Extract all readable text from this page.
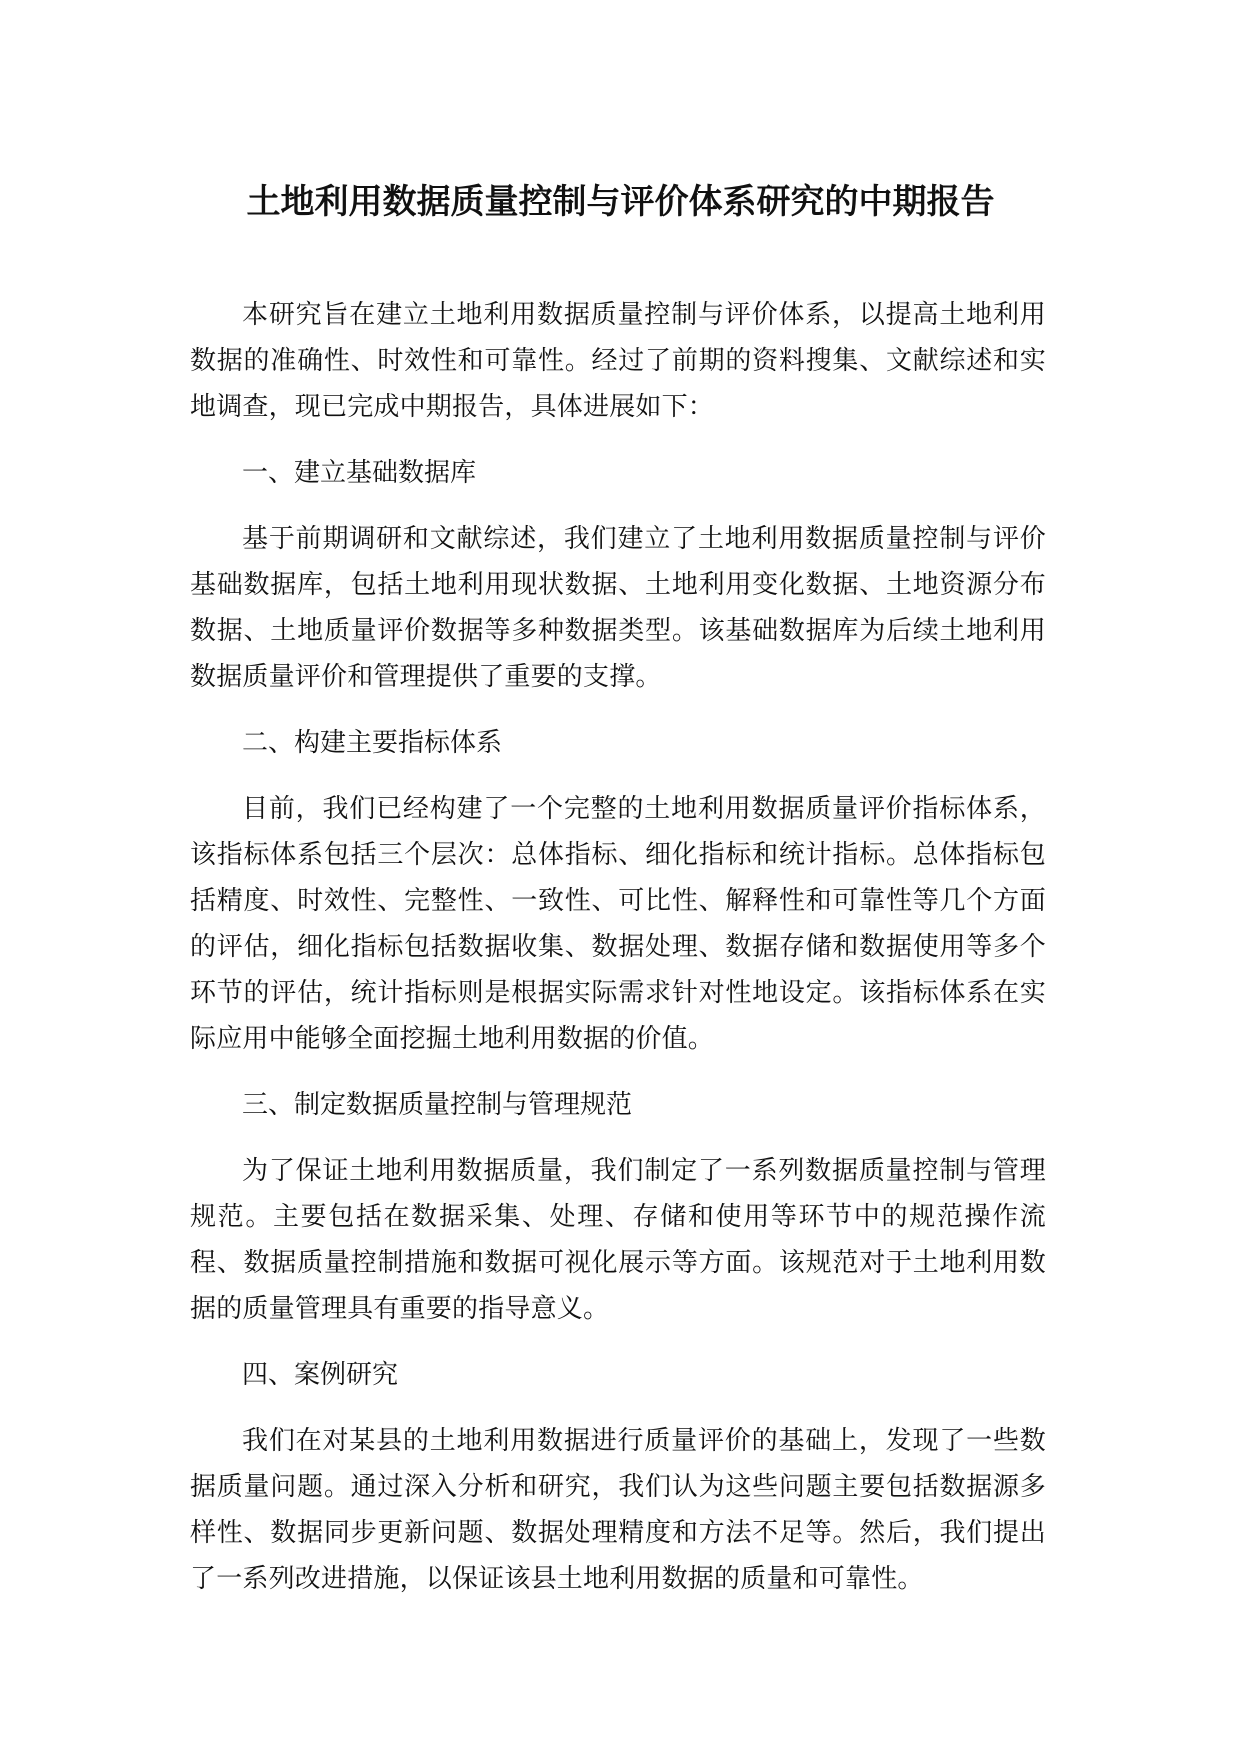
土地利用数据质量控制与评价体系研究的中期报告

本研究旨在建立土地利用数据质量控制与评价体系，以提高土地利用数据的准确性、时效性和可靠性。经过了前期的资料搜集、文献综述和实地调查，现已完成中期报告，具体进展如下：

一、建立基础数据库

基于前期调研和文献综述，我们建立了土地利用数据质量控制与评价基础数据库，包括土地利用现状数据、土地利用变化数据、土地资源分布数据、土地质量评价数据等多种数据类型。该基础数据库为后续土地利用数据质量评价和管理提供了重要的支撑。

二、构建主要指标体系

目前，我们已经构建了一个完整的土地利用数据质量评价指标体系，该指标体系包括三个层次：总体指标、细化指标和统计指标。总体指标包括精度、时效性、完整性、一致性、可比性、解释性和可靠性等几个方面的评估，细化指标包括数据收集、数据处理、数据存储和数据使用等多个环节的评估，统计指标则是根据实际需求针对性地设定。该指标体系在实际应用中能够全面挖掘土地利用数据的价值。

三、制定数据质量控制与管理规范

为了保证土地利用数据质量，我们制定了一系列数据质量控制与管理规范。主要包括在数据采集、处理、存储和使用等环节中的规范操作流程、数据质量控制措施和数据可视化展示等方面。该规范对于土地利用数据的质量管理具有重要的指导意义。

四、案例研究

我们在对某县的土地利用数据进行质量评价的基础上，发现了一些数据质量问题。通过深入分析和研究，我们认为这些问题主要包括数据源多样性、数据同步更新问题、数据处理精度和方法不足等。然后，我们提出了一系列改进措施，以保证该县土地利用数据的质量和可靠性。
